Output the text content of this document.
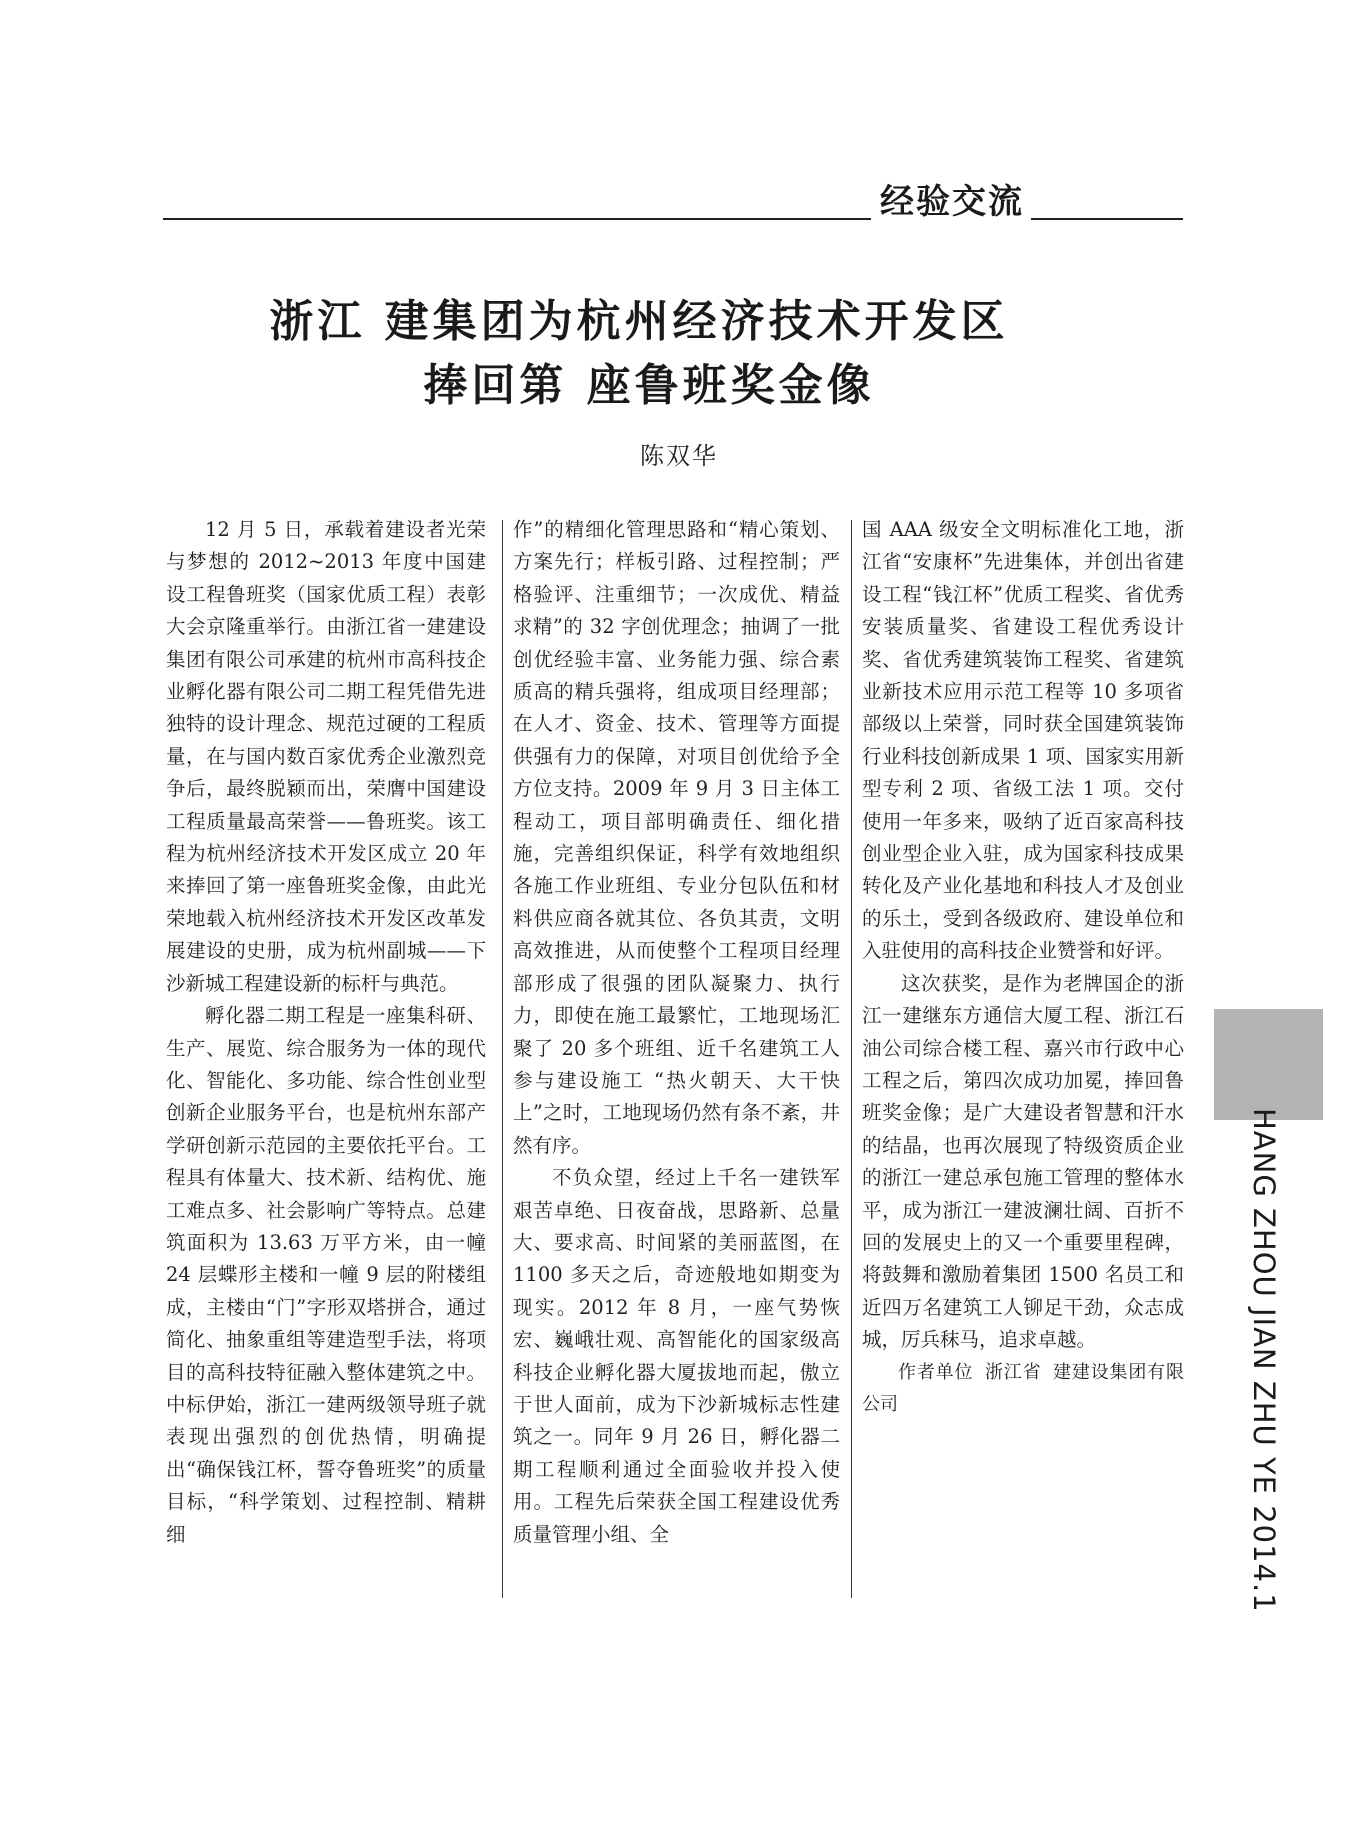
经验交流
浙江 建集团为杭州经济技术开发区
捧回第 座鲁班奖金像
陈双华

12 月 5 日，承载着建设者光荣与梦想的 2012~2013 年度中国建设工程鲁班奖（国家优质工程）表彰大会京隆重举行。由浙江省一建建设集团有限公司承建的杭州市高科技企业孵化器有限公司二期工程凭借先进独特的设计理念、规范过硬的工程质量，在与国内数百家优秀企业激烈竞争后，最终脱颖而出，荣膺中国建设工程质量最高荣誉——鲁班奖。该工程为杭州经济技术开发区成立 20 年来捧回了第一座鲁班奖金像，由此光荣地载入杭州经济技术开发区改革发展建设的史册，成为杭州副城——下沙新城工程建设新的标杆与典范。

孵化器二期工程是一座集科研、生产、展览、综合服务为一体的现代化、智能化、多功能、综合性创业型创新企业服务平台，也是杭州东部产学研创新示范园的主要依托平台。工程具有体量大、技术新、结构优、施工难点多、社会影响广等特点。总建筑面积为 13.63 万平方米，由一幢 24 层蝶形主楼和一幢 9 层的附楼组成，主楼由“门”字形双塔拼合，通过简化、抽象重组等建造型手法，将项目的高科技特征融入整体建筑之中。中标伊始，浙江一建两级领导班子就表现出强烈的创优热情，明确提出“确保钱江杯，誓夺鲁班奖”的质量目标，“科学策划、过程控制、精耕细

作”的精细化管理思路和“精心策划、方案先行；样板引路、过程控制；严格验评、注重细节；一次成优、精益求精”的 32 字创优理念；抽调了一批创优经验丰富、业务能力强、综合素质高的精兵强将，组成项目经理部；在人才、资金、技术、管理等方面提供强有力的保障，对项目创优给予全方位支持。2009 年 9 月 3 日主体工程动工，项目部明确责任、细化措施，完善组织保证，科学有效地组织各施工作业班组、专业分包队伍和材料供应商各就其位、各负其责，文明高效推进，从而使整个工程项目经理部形成了很强的团队凝聚力、执行力，即使在施工最繁忙，工地现场汇聚了 20 多个班组、近千名建筑工人参与建设施工 “热火朝天、大干快上”之时，工地现场仍然有条不紊，井然有序。

不负众望，经过上千名一建铁军艰苦卓绝、日夜奋战，思路新、总量大、要求高、时间紧的美丽蓝图，在 1100 多天之后，奇迹般地如期变为现实。2012 年 8 月，一座气势恢宏、巍峨壮观、高智能化的国家级高科技企业孵化器大厦拔地而起，傲立于世人面前，成为下沙新城标志性建筑之一。同年 9 月 26 日，孵化器二期工程顺利通过全面验收并投入使用。工程先后荣获全国工程建设优秀质量管理小组、全

国 AAA 级安全文明标准化工地，浙江省“安康杯”先进集体，并创出省建设工程“钱江杯”优质工程奖、省优秀安装质量奖、省建设工程优秀设计奖、省优秀建筑装饰工程奖、省建筑业新技术应用示范工程等 10 多项省部级以上荣誉，同时获全国建筑装饰行业科技创新成果 1 项、国家实用新型专利 2 项、省级工法 1 项。交付使用一年多来，吸纳了近百家高科技创业型企业入驻，成为国家科技成果转化及产业化基地和科技人才及创业的乐土，受到各级政府、建设单位和入驻使用的高科技企业赞誉和好评。

这次获奖，是作为老牌国企的浙江一建继东方通信大厦工程、浙江石油公司综合楼工程、嘉兴市行政中心工程之后，第四次成功加冕，捧回鲁班奖金像；是广大建设者智慧和汗水的结晶，也再次展现了特级资质企业的浙江一建总承包施工管理的整体水平，成为浙江一建波澜壮阔、百折不回的发展史上的又一个重要里程碑，将鼓舞和激励着集团 1500 名员工和近四万名建筑工人铆足干劲，众志成城，厉兵秣马，追求卓越。

作者单位 浙江省 建建设集团有限公司	HANG ZHOU JIAN ZHU YE 2014.1
